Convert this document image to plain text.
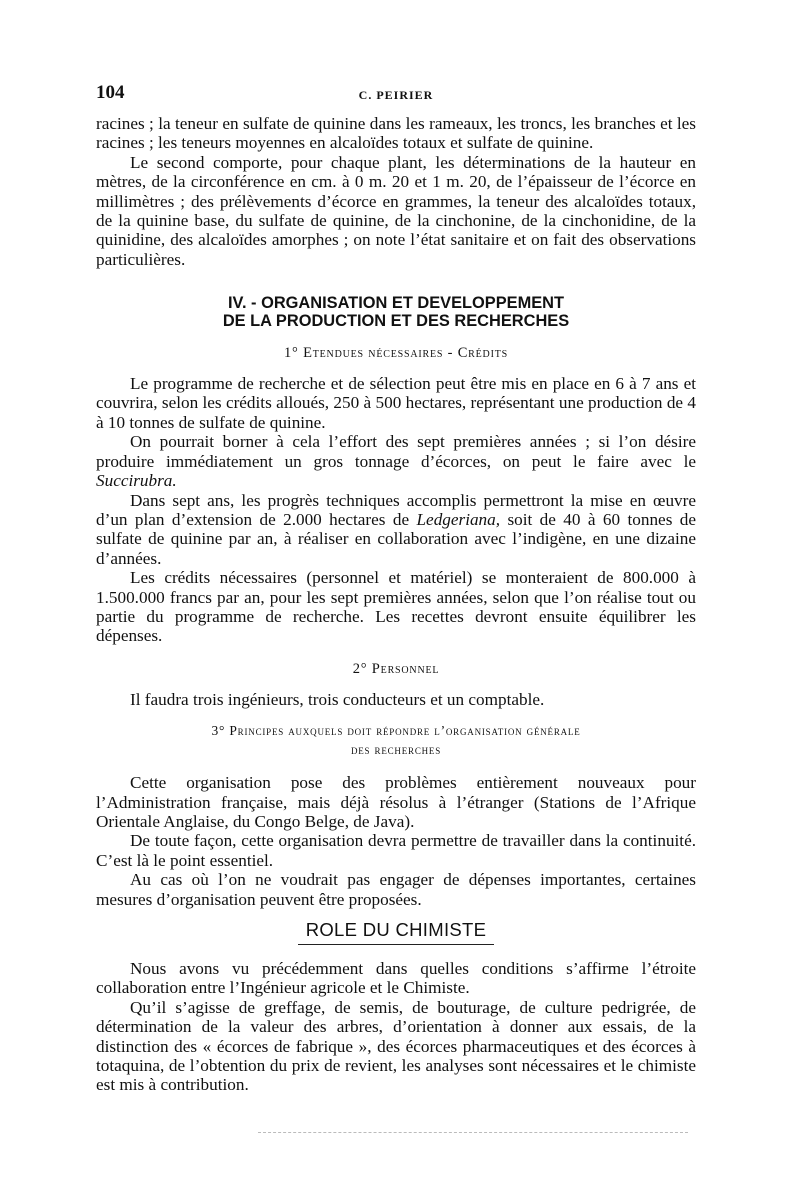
104	C. PEIRIER

racines ; la teneur en sulfate de quinine dans les rameaux, les troncs, les branches et les racines ; les teneurs moyennes en alcaloïdes totaux et sulfate de quinine.

Le second comporte, pour chaque plant, les déterminations de la hauteur en mètres, de la circonférence en cm. à 0 m. 20 et 1 m. 20, de l’épaisseur de l’écorce en millimètres ; des prélèvements d’écorce en grammes, la teneur des alcaloïdes totaux, de la quinine base, du sulfate de quinine, de la cinchonine, de la cinchonidine, de la quinidine, des alcaloïdes amorphes ; on note l’état sanitaire et on fait des observations particulières.

IV. - ORGANISATION ET DEVELOPPEMENT
DE LA PRODUCTION ET DES RECHERCHES
1° Etendues nécessaires - Crédits

Le programme de recherche et de sélection peut être mis en place en 6 à 7 ans et couvrira, selon les crédits alloués, 250 à 500 hectares, représentant une production de 4 à 10 tonnes de sulfate de quinine.

On pourrait borner à cela l’effort des sept premières années ; si l’on désire produire immédiatement un gros tonnage d’écorces, on peut le faire avec le Succirubra.

Dans sept ans, les progrès techniques accomplis permettront la mise en œuvre d’un plan d’extension de 2.000 hectares de Ledgeriana, soit de 40 à 60 tonnes de sulfate de quinine par an, à réaliser en collaboration avec l’indigène, en une dizaine d’années.

Les crédits nécessaires (personnel et matériel) se monteraient de 800.000 à 1.500.000 francs par an, pour les sept premières années, selon que l’on réalise tout ou partie du programme de recherche. Les recettes devront ensuite équilibrer les dépenses.

2° Personnel

Il faudra trois ingénieurs, trois conducteurs et un comptable.

3° Principes auxquels doit répondre l’organisation générale
des recherches

Cette organisation pose des problèmes entièrement nouveaux pour l’Administration française, mais déjà résolus à l’étranger (Stations de l’Afrique Orientale Anglaise, du Congo Belge, de Java).

De toute façon, cette organisation devra permettre de travailler dans la continuité. C’est là le point essentiel.

Au cas où l’on ne voudrait pas engager de dépenses importantes, certaines mesures d’organisation peuvent être proposées.

ROLE DU CHIMISTE

Nous avons vu précédemment dans quelles conditions s’affirme l’étroite collaboration entre l’Ingénieur agricole et le Chimiste.

Qu’il s’agisse de greffage, de semis, de bouturage, de culture pedrigrée, de détermination de la valeur des arbres, d’orientation à donner aux essais, de la distinction des « écorces de fabrique », des écorces pharmaceutiques et des écorces à totaquina, de l’obtention du prix de revient, les analyses sont nécessaires et le chimiste est mis à contribution.
